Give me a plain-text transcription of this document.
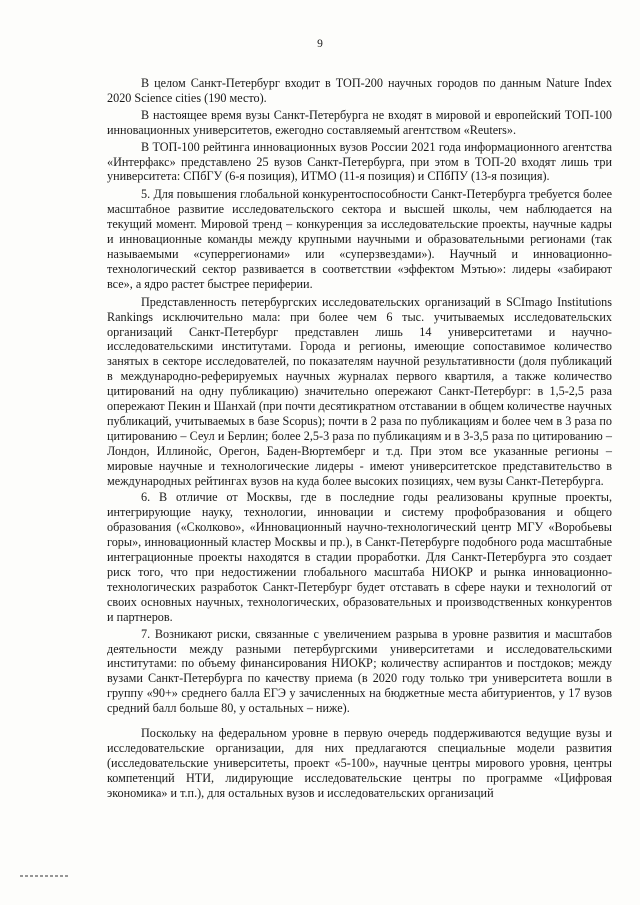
9

В целом Санкт-Петербург входит в ТОП-200 научных городов по данным Nature Index 2020 Science cities (190 место).

В настоящее время вузы Санкт-Петербурга не входят в мировой и европейский ТОП-100 инновационных университетов, ежегодно составляемый агентством «Reuters».

В ТОП-100 рейтинга инновационных вузов России 2021 года информационного агентства «Интерфакс» представлено 25 вузов Санкт-Петербурга, при этом в ТОП-20 входят лишь три университета: СПбГУ (6-я позиция), ИТМО (11-я позиция) и СПбПУ (13-я позиция).

5. Для повышения глобальной конкурентоспособности Санкт-Петербурга требуется более масштабное развитие исследовательского сектора и высшей школы, чем наблюдается на текущий момент. Мировой тренд – конкуренция за исследовательские проекты, научные кадры и инновационные команды между крупными научными и образовательными регионами (так называемыми «суперрегионами» или «суперзвездами»). Научный и инновационно-технологический сектор развивается в соответствии «эффектом Мэтью»: лидеры «забирают все», а ядро растет быстрее периферии.

Представленность петербургских исследовательских организаций в SCImago Institutions Rankings исключительно мала: при более чем 6 тыс. учитываемых исследовательских организаций Санкт-Петербург представлен лишь 14 университетами и научно-исследовательскими институтами. Города и регионы, имеющие сопоставимое количество занятых в секторе исследователей, по показателям научной результативности (доля публикаций в международно-реферируемых научных журналах первого квартиля, а также количество цитирований на одну публикацию) значительно опережают Санкт-Петербург: в 1,5-2,5 раза опережают Пекин и Шанхай (при почти десятикратном отставании в общем количестве научных публикаций, учитываемых в базе Scopus); почти в 2 раза по публикациям и более чем в 3 раза по цитированию – Сеул и Берлин; более 2,5-3 раза по публикациям и в 3-3,5 раза по цитированию – Лондон, Иллинойс, Орегон, Баден-Вюртемберг и т.д. При этом все указанные регионы – мировые научные и технологические лидеры - имеют университетское представительство в международных рейтингах вузов на куда более высоких позициях, чем вузы Санкт-Петербурга.

6. В отличие от Москвы, где в последние годы реализованы крупные проекты, интегрирующие науку, технологии, инновации и систему профобразования и общего образования («Сколково», «Инновационный научно-технологический центр МГУ «Воробьевы горы», инновационный кластер Москвы и пр.), в Санкт-Петербурге подобного рода масштабные интеграционные проекты находятся в стадии проработки. Для Санкт-Петербурга это создает риск того, что при недостижении глобального масштаба НИОКР и рынка инновационно-технологических разработок Санкт-Петербург будет отставать в сфере науки и технологий от своих основных научных, технологических, образовательных и производственных конкурентов и партнеров.

7. Возникают риски, связанные с увеличением разрыва в уровне развития и масштабов деятельности между разными петербургскими университетами и исследовательскими институтами: по объему финансирования НИОКР; количеству аспирантов и постдоков; между вузами Санкт-Петербурга по качеству приема (в 2020 году только три университета вошли в группу «90+» среднего балла ЕГЭ у зачисленных на бюджетные места абитуриентов, у 17 вузов средний балл больше 80, у остальных – ниже).

Поскольку на федеральном уровне в первую очередь поддерживаются ведущие вузы и исследовательские организации, для них предлагаются специальные модели развития (исследовательские университеты, проект «5-100», научные центры мирового уровня, центры компетенций НТИ, лидирующие исследовательские центры по программе «Цифровая экономика» и т.п.), для остальных вузов и исследовательских организаций
